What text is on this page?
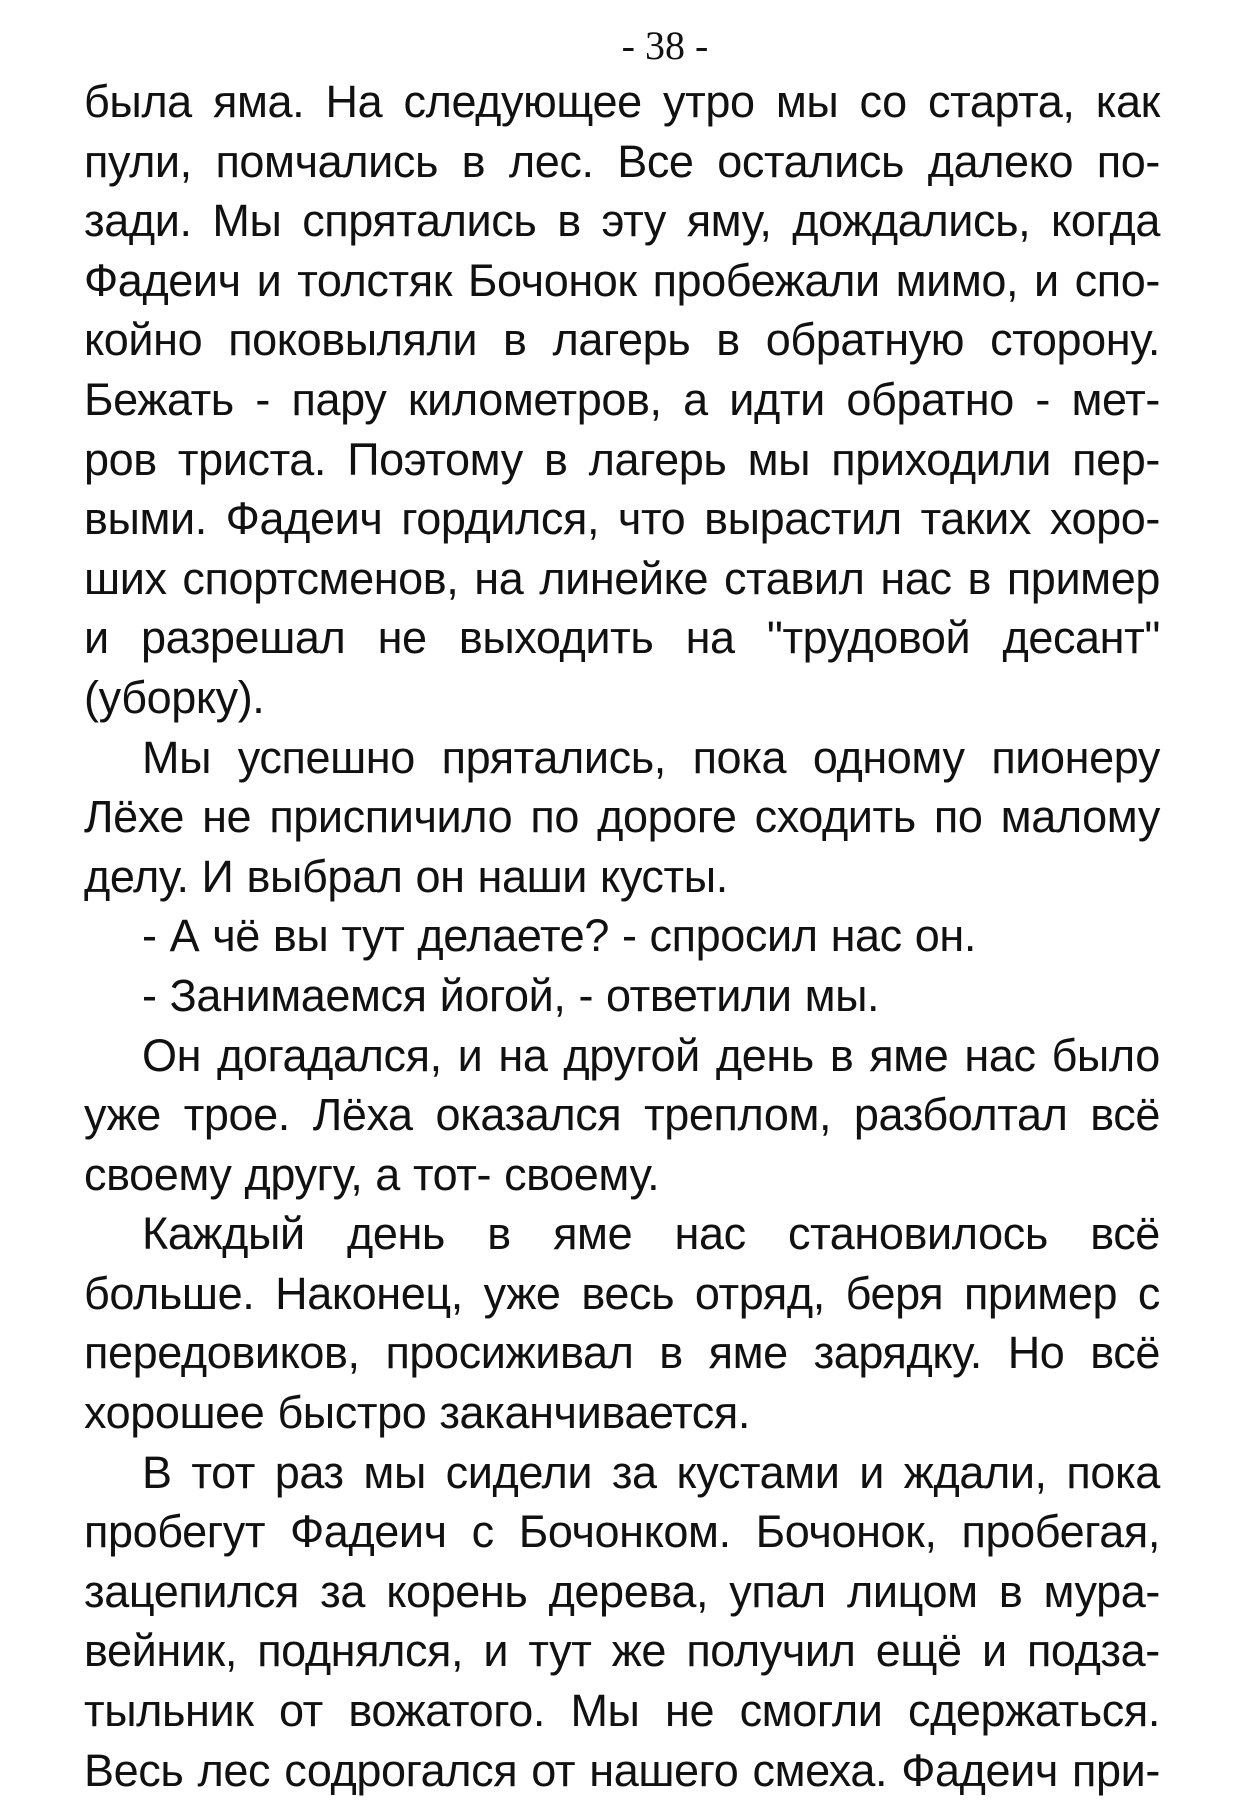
- 38 -
была яма. На следующее утро мы со старта, как
пули, помчались в лес. Все остались далеко по-
зади. Мы спрятались в эту яму, дождались, когда
Фадеич и толстяк Бочонок пробежали мимо, и спо-
койно поковыляли в лагерь в обратную сторону.
Бежать - пару километров, а идти обратно - мет-
ров триста. Поэтому в лагерь мы приходили пер-
выми. Фадеич гордился, что вырастил таких хоро-
ших спортсменов, на линейке ставил нас в пример
и разрешал не выходить на "трудовой десант"
(уборку).
Мы успешно прятались, пока одному пионеру
Лёхе не приспичило по дороге сходить по малому
делу. И выбрал он наши кусты.
- А чё вы тут делаете? - спросил нас он.
- Занимаемся йогой, - ответили мы.
Он догадался, и на другой день в яме нас было
уже трое. Лёха оказался треплом, разболтал всё
своему другу, а тот- своему.
Каждый день в яме нас становилось всё
больше. Наконец, уже весь отряд, беря пример с
передовиков, просиживал в яме зарядку. Но всё
хорошее быстро заканчивается.
В тот раз мы сидели за кустами и ждали, пока
пробегут Фадеич с Бочонком. Бочонок, пробегая,
зацепился за корень дерева, упал лицом в мура-
вейник, поднялся, и тут же получил ещё и подза-
тыльник от вожатого. Мы не смогли сдержаться.
Весь лес содрогался от нашего смеха. Фадеич при-
